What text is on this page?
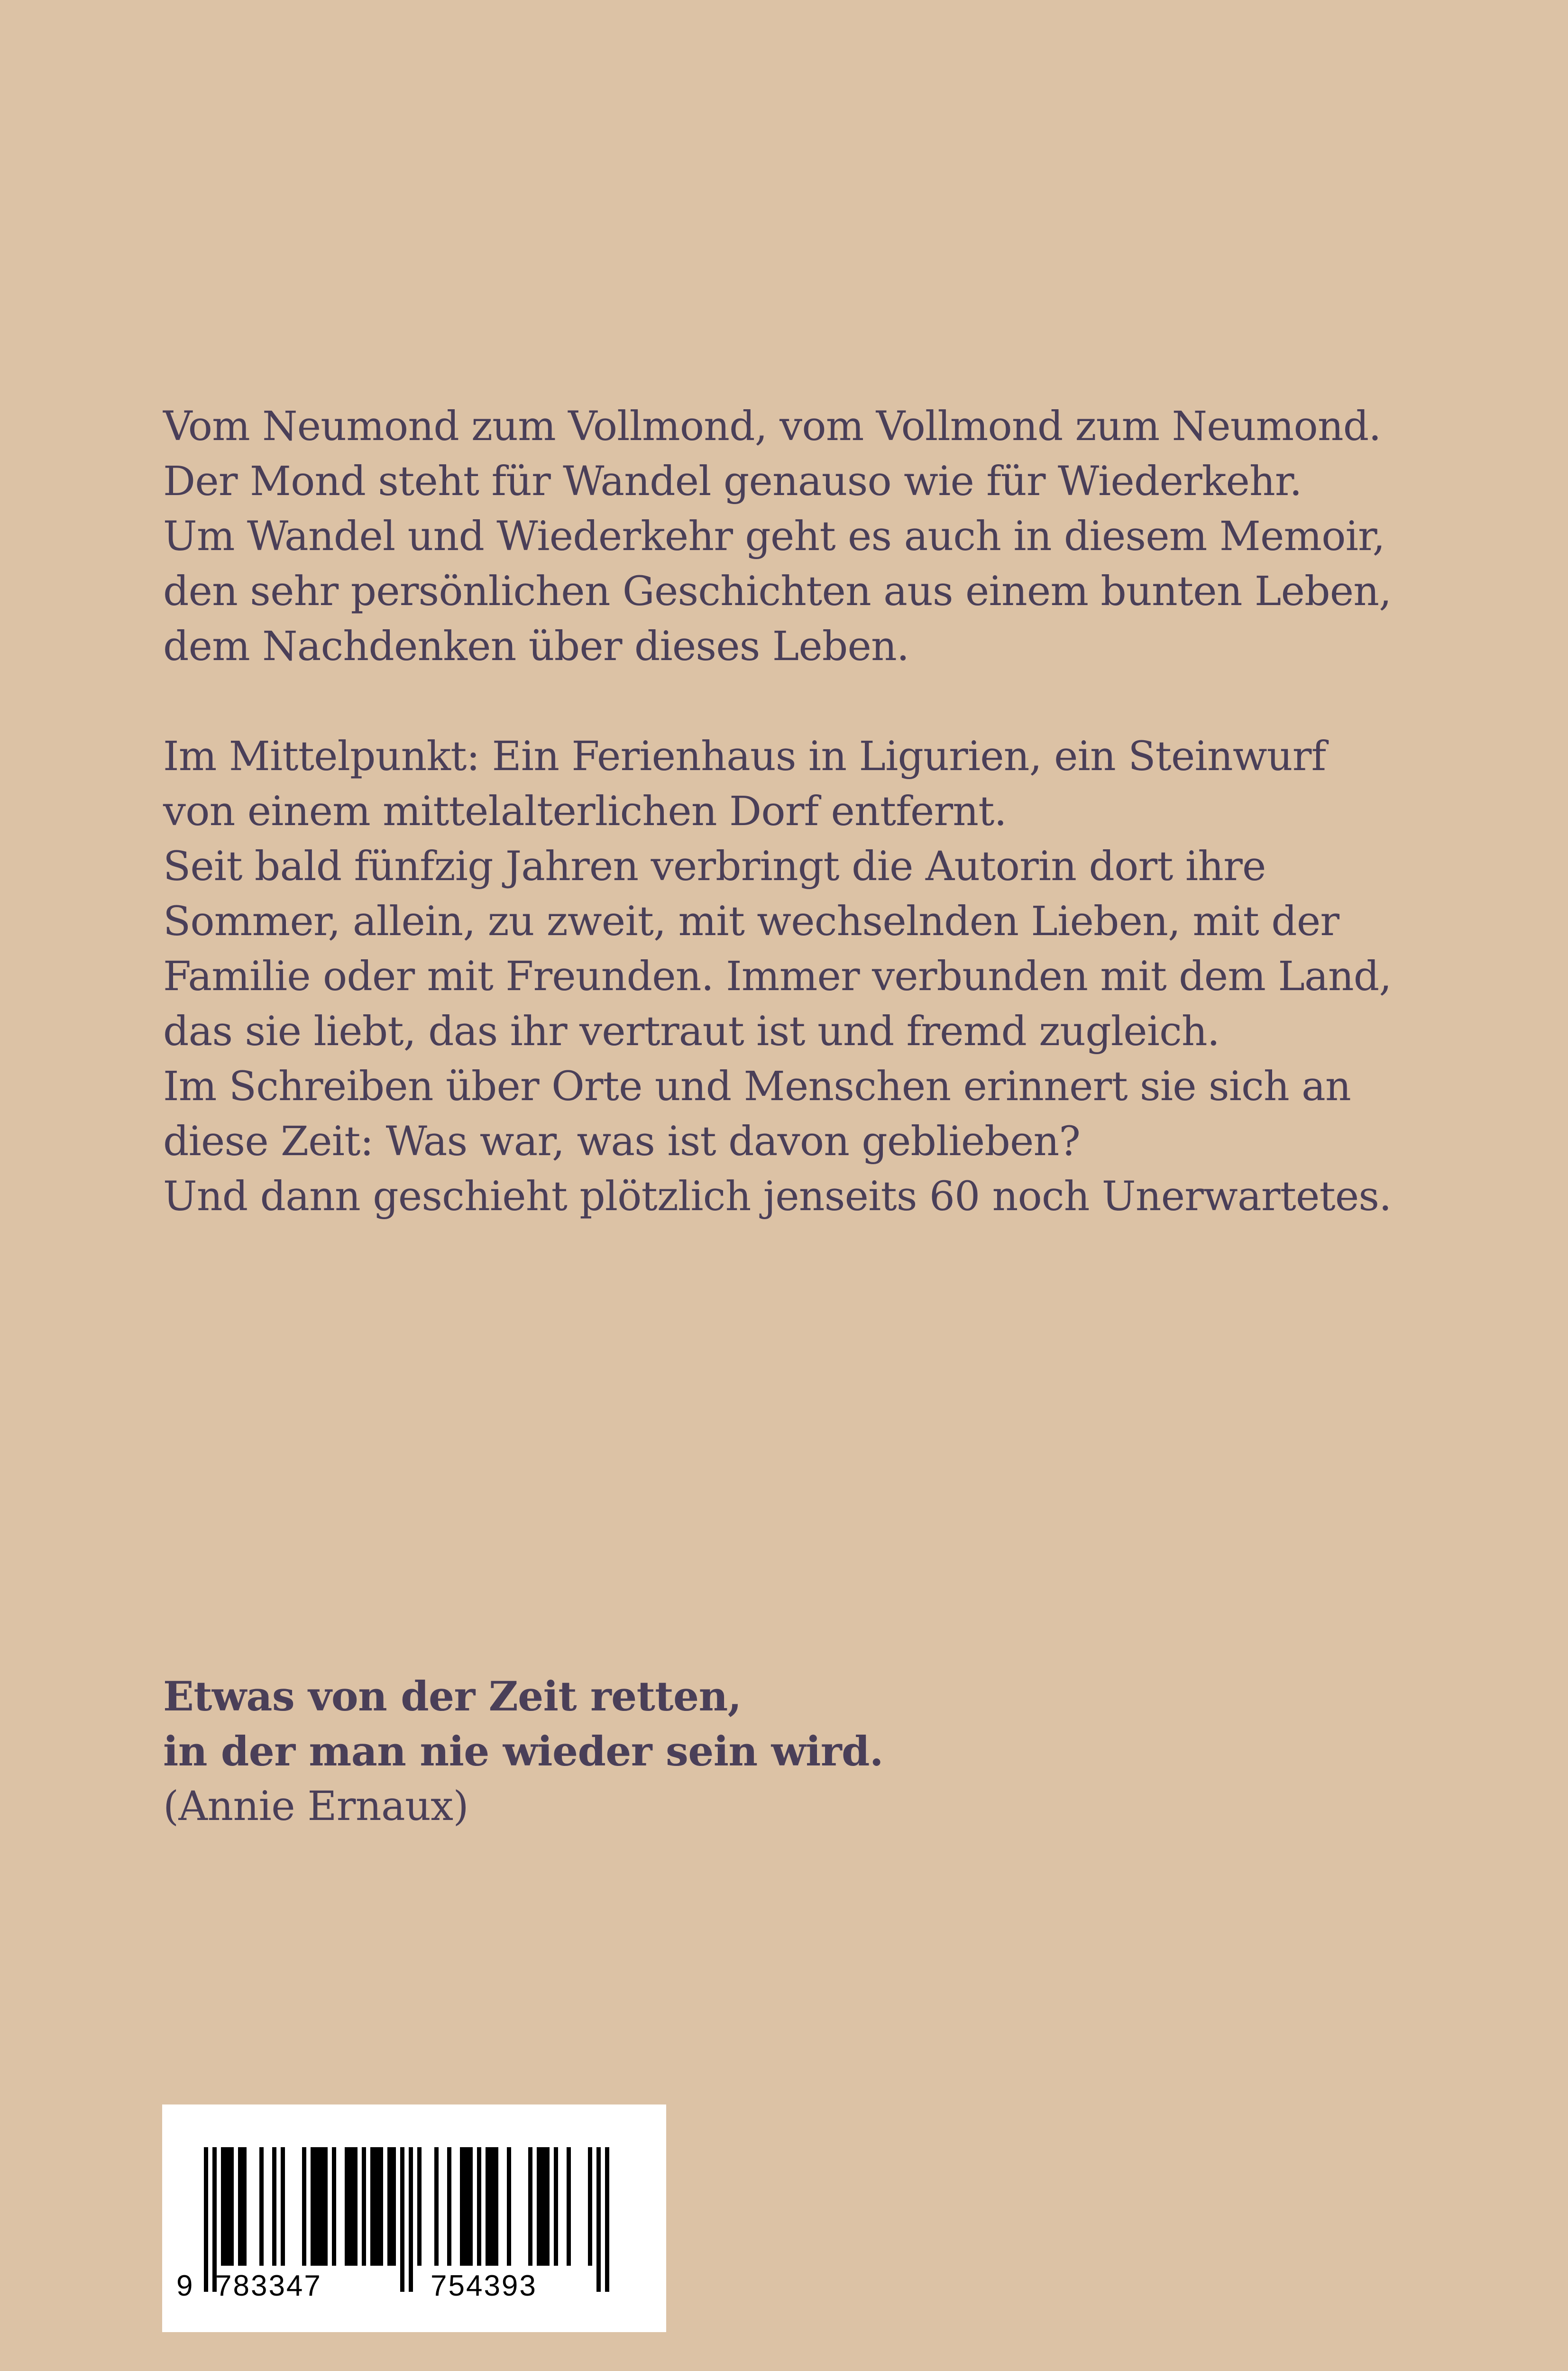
Vom Neumond zum Vollmond, vom Vollmond zum Neumond.
Der Mond steht für Wandel genauso wie für Wiederkehr.
Um Wandel und Wiederkehr geht es auch in diesem Memoir,
den sehr persönlichen Geschichten aus einem bunten Leben,
dem Nachdenken über dieses Leben.

Im Mittelpunkt: Ein Ferienhaus in Ligurien, ein Steinwurf
von einem mittelalterlichen Dorf entfernt.
Seit bald fünfzig Jahren verbringt die Autorin dort ihre
Sommer, allein, zu zweit, mit wechselnden Lieben, mit der
Familie oder mit Freunden. Immer verbunden mit dem Land,
das sie liebt, das ihr vertraut ist und fremd zugleich.
Im Schreiben über Orte und Menschen erinnert sie sich an
diese Zeit: Was war, was ist davon geblieben?
Und dann geschieht plötzlich jenseits 60 noch Unerwartetes.

Etwas von der Zeit retten,
in der man nie wieder sein wird.
(Annie Ernaux)
9 783347	754393
